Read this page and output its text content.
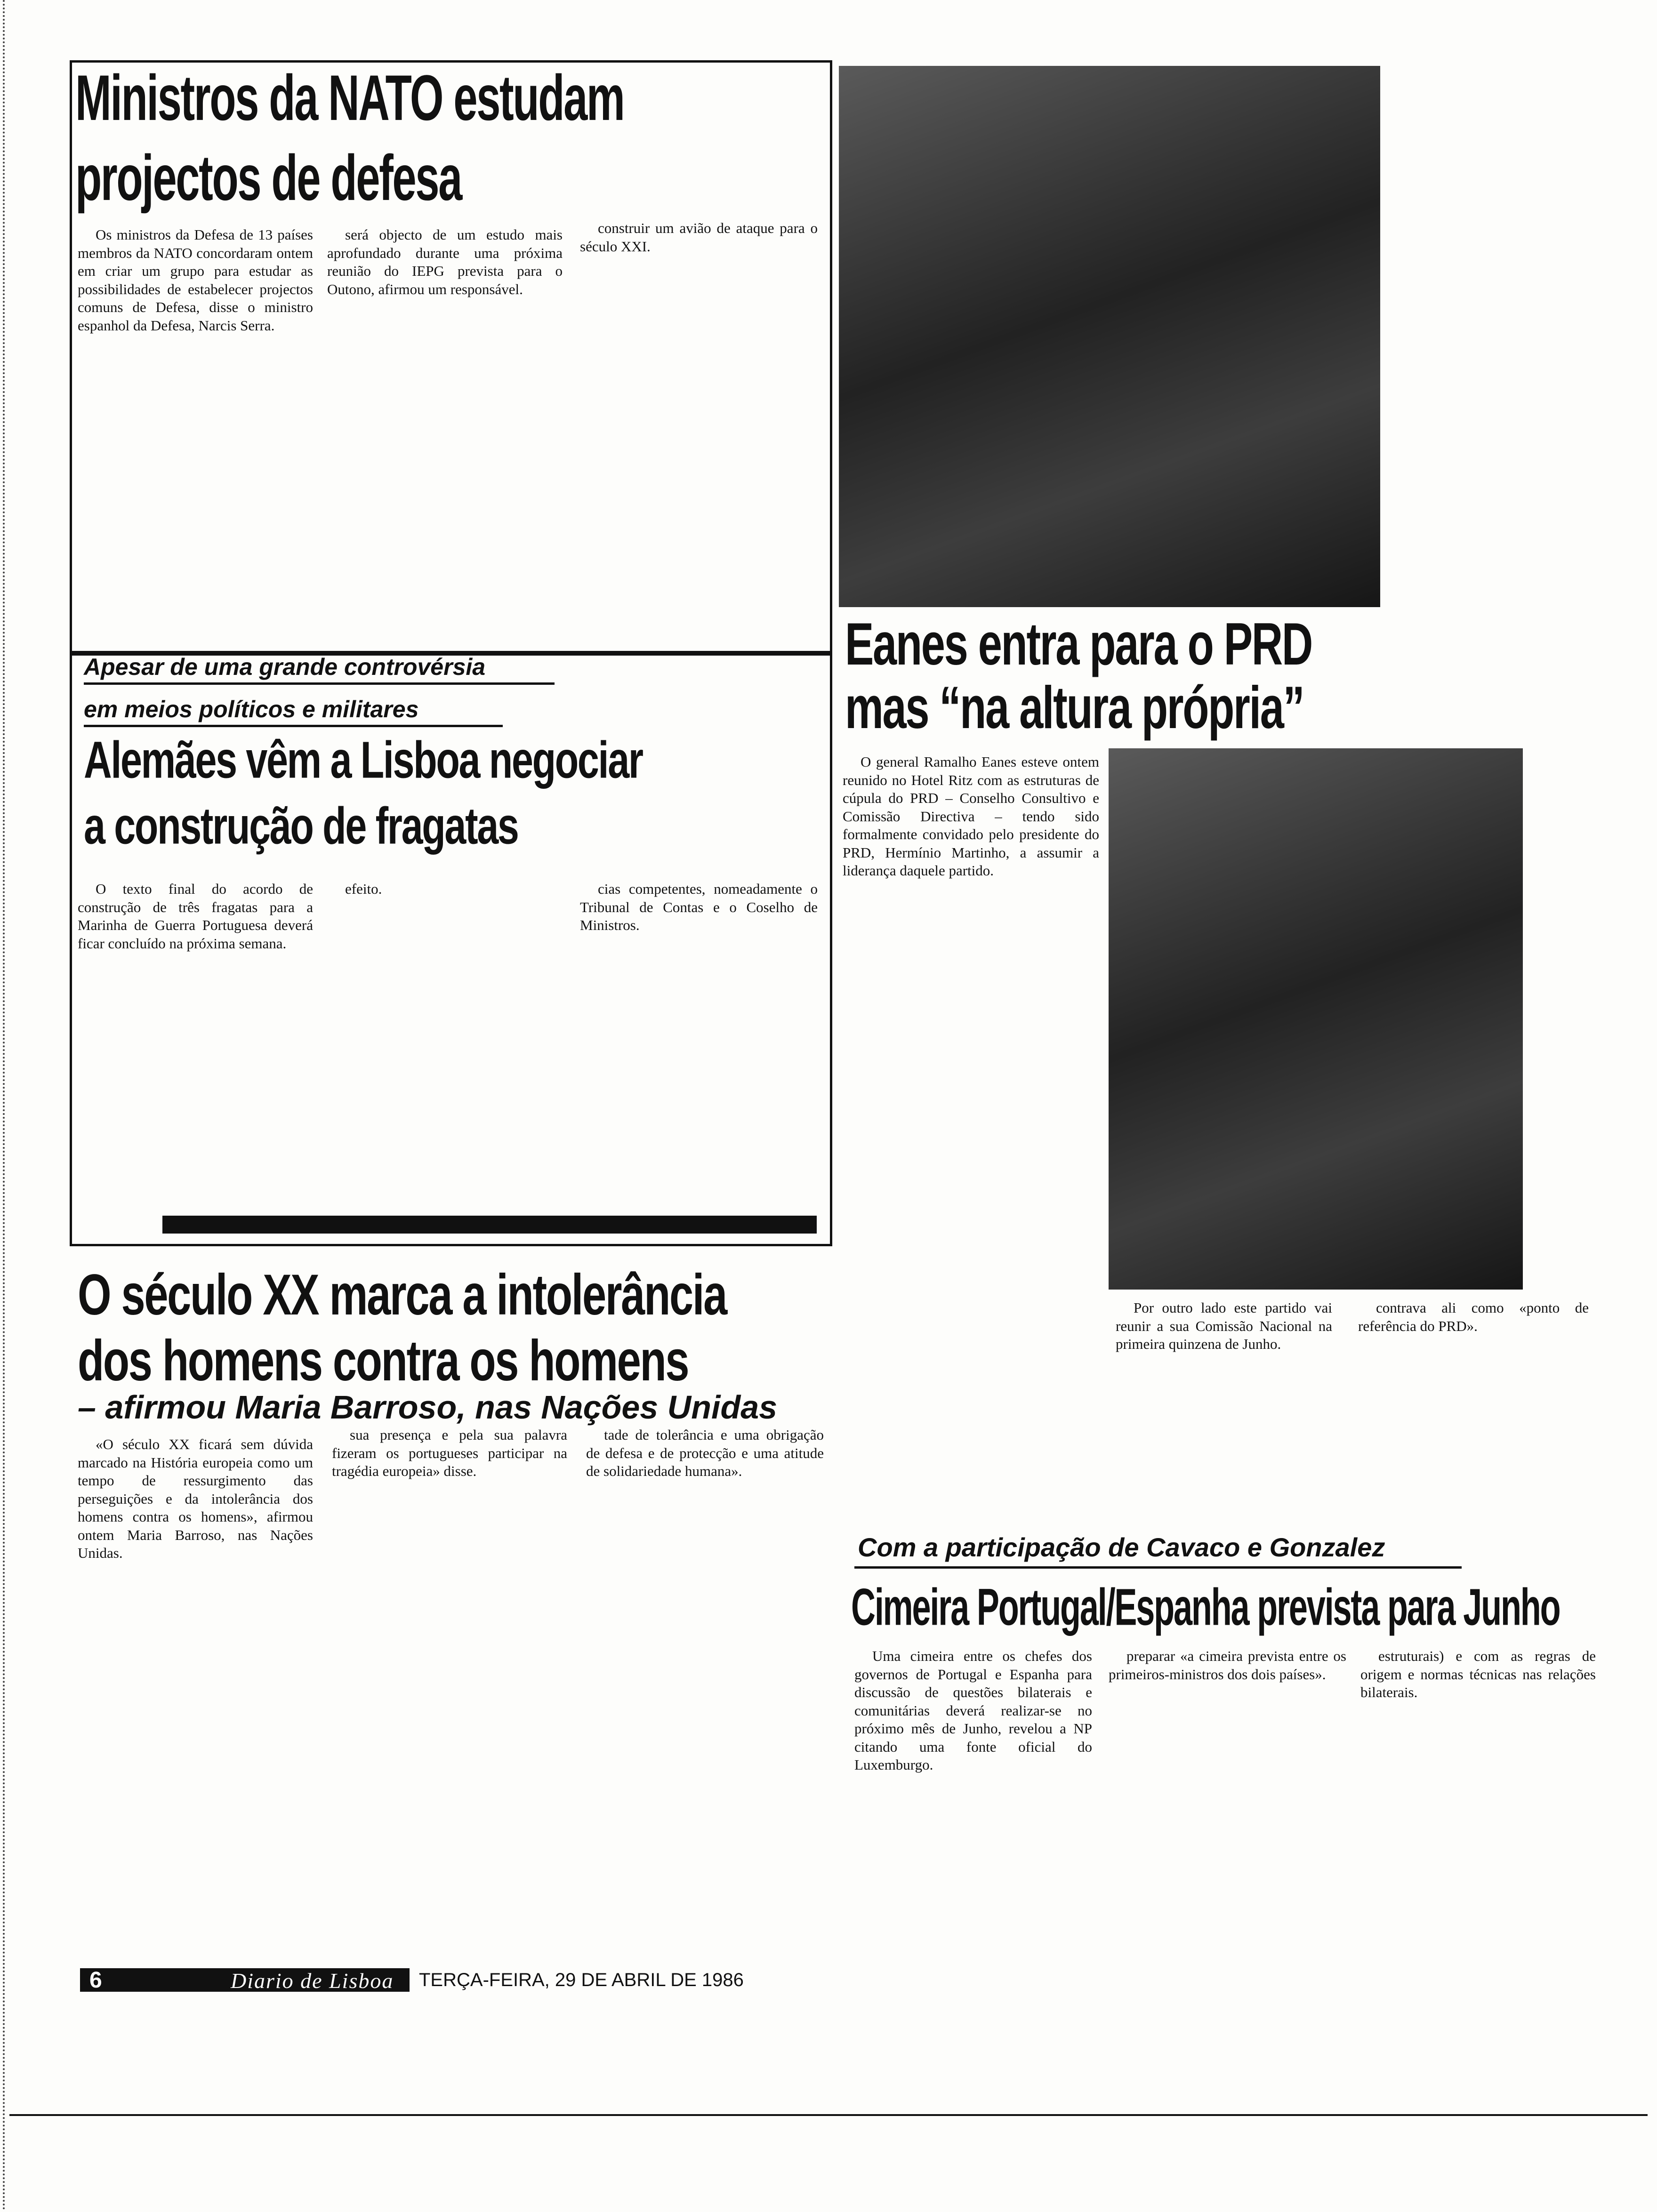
Ministros da NATO estudam
projectos de defesa

Os ministros da Defesa de 13 países membros da NATO concordaram ontem em criar um grupo para estudar as possibilidades de estabelecer projectos comuns de Defesa, disse o ministro espanhol da Defesa, Narcis Serra.

será objecto de um estudo mais aprofundado durante uma próxima reunião do IEPG prevista para o Outono, afirmou um responsável.

construir um avião de ataque para o século XXI.

Apesar de uma grande controvérsia
em meios políticos e militares
Alemães vêm a Lisboa negociar
a construção de fragatas

O texto final do acordo de construção de três fragatas para a Marinha de Guerra Portuguesa deverá ficar concluído na próxima semana.

efeito.	cias competentes, nomeadamente o Tribunal de Contas e o Coselho de Ministros.

Eanes entra para o PRD
mas “na altura própria”

O general Ramalho Eanes esteve ontem reunido no Hotel Ritz com as estruturas de cúpula do PRD – Conselho Consultivo e Comissão Directiva – tendo sido formalmente convidado pelo presidente do PRD, Hermínio Martinho, a assumir a liderança daquele partido.

Por outro lado este partido vai reunir a sua Comissão Nacional na primeira quinzena de Junho.

contrava ali como «ponto de referência do PRD».

O século XX marca a intolerância
dos homens contra os homens
– afirmou Maria Barroso, nas Nações Unidas

«O século XX ficará sem dúvida marcado na História europeia como um tempo de ressurgimento das perseguições e da intolerância dos homens contra os homens», afirmou ontem Maria Barroso, nas Nações Unidas.

sua presença e pela sua palavra fizeram os portugueses participar na tragédia europeia» disse.

tade de tolerância e uma obrigação de defesa e de protecção e uma atitude de solidariedade humana».

Com a participação de Cavaco e Gonzalez
Cimeira Portugal/Espanha prevista para Junho

Uma cimeira entre os chefes dos governos de Portugal e Espanha para discussão de questões bilaterais e comunitárias deverá realizar-se no próximo mês de Junho, revelou a NP citando uma fonte oficial do Luxemburgo.

preparar «a cimeira prevista entre os primeiros-ministros dos dois países».

estruturais) e com as regras de origem e normas técnicas nas relações bilaterais.

6	Diario de Lisboa TERÇA-FEIRA, 29 DE ABRIL DE 1986
